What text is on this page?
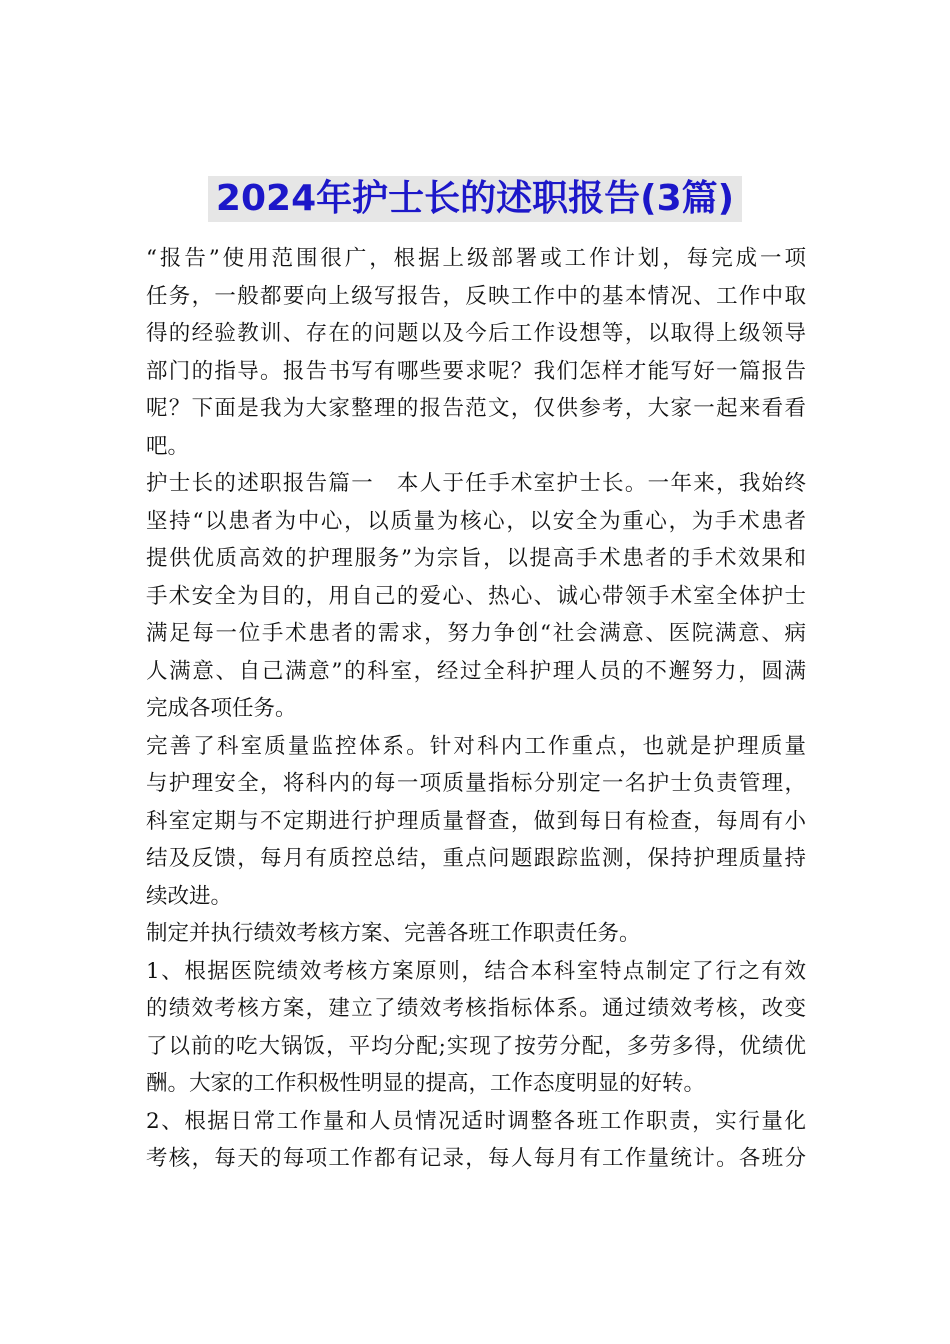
2024年护士长的述职报告(3篇)
“报告”使用范围很广，根据上级部署或工作计划，每完成一项
任务，一般都要向上级写报告，反映工作中的基本情况、工作中取
得的经验教训、存在的问题以及今后工作设想等，以取得上级领导
部门的指导。报告书写有哪些要求呢？我们怎样才能写好一篇报告
呢？下面是我为大家整理的报告范文，仅供参考，大家一起来看看
吧。
护士长的述职报告篇一　本人于任手术室护士长。一年来，我始终
坚持“以患者为中心，以质量为核心，以安全为重心，为手术患者
提供优质高效的护理服务”为宗旨，以提高手术患者的手术效果和
手术安全为目的，用自己的爱心、热心、诚心带领手术室全体护士
满足每一位手术患者的需求，努力争创“社会满意、医院满意、病
人满意、自己满意”的科室，经过全科护理人员的不邂努力，圆满
完成各项任务。
完善了科室质量监控体系。针对科内工作重点，也就是护理质量
与护理安全，将科内的每一项质量指标分别定一名护士负责管理，
科室定期与不定期进行护理质量督查，做到每日有检查，每周有小
结及反馈，每月有质控总结，重点问题跟踪监测，保持护理质量持
续改进。
制定并执行绩效考核方案、完善各班工作职责任务。
1、根据医院绩效考核方案原则，结合本科室特点制定了行之有效
的绩效考核方案，建立了绩效考核指标体系。通过绩效考核，改变
了以前的吃大锅饭，平均分配;实现了按劳分配，多劳多得，优绩优
酬。大家的工作积极性明显的提高，工作态度明显的好转。
2、根据日常工作量和人员情况适时调整各班工作职责，实行量化
考核，每天的每项工作都有记录，每人每月有工作量统计。各班分
